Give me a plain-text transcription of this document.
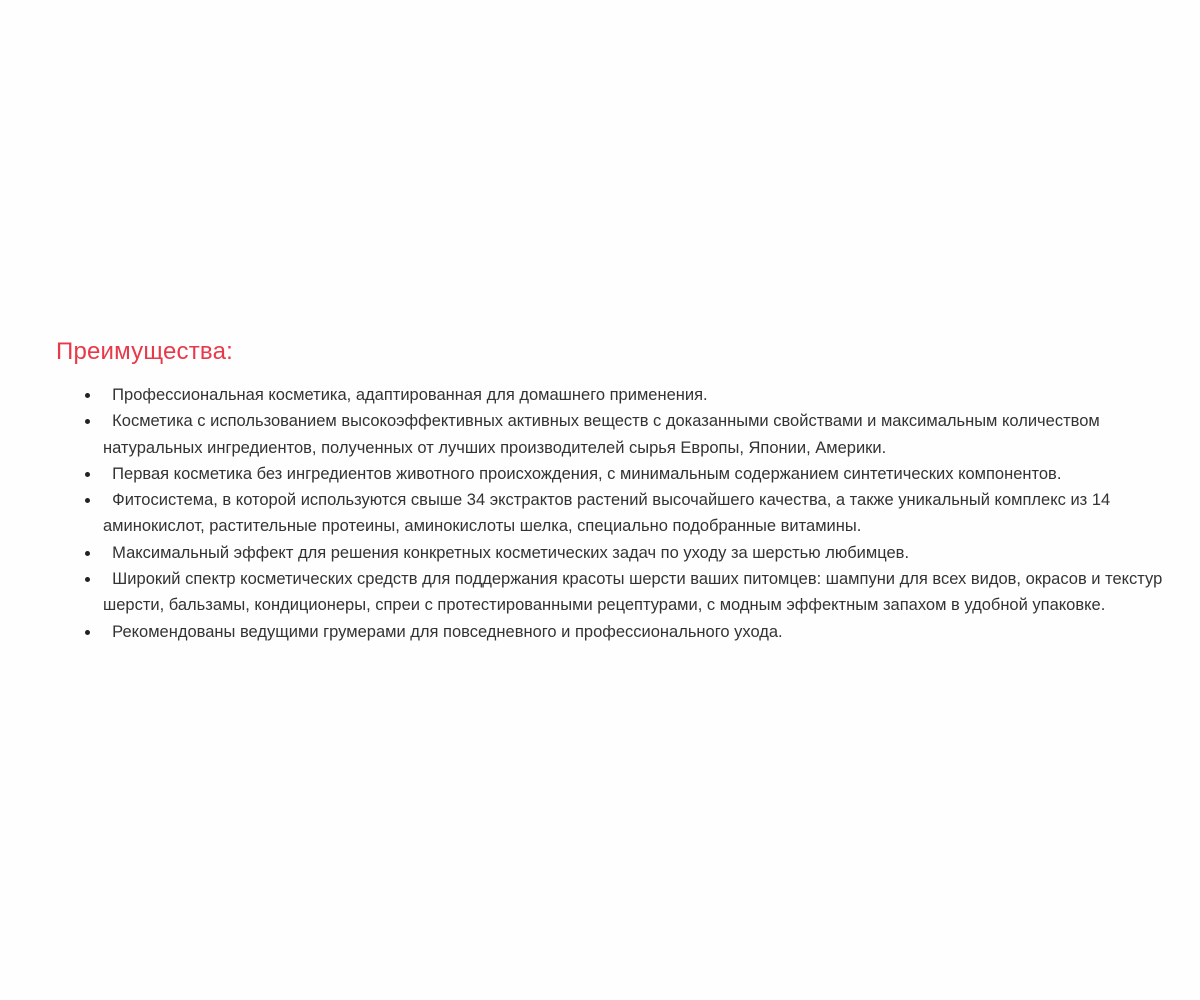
Преимущества:
Профессиональная косметика, адаптированная для домашнего применения.
Косметика с использованием высокоэффективных активных веществ с доказанными свойствами и максимальным количеством натуральных ингредиентов, полученных от лучших производителей сырья Европы, Японии, Америки.
Первая косметика без ингредиентов животного происхождения, с минимальным содержанием синтетических компонентов.
Фитосистема, в которой используются свыше 34 экстрактов растений высочайшего качества, а также уникальный комплекс из 14 аминокислот, растительные протеины, аминокислоты шелка, специально подобранные витамины.
Максимальный эффект для решения конкретных косметических задач по уходу за шерстью любимцев.
Широкий спектр косметических средств для поддержания красоты шерсти ваших питомцев: шампуни для всех видов, окрасов и текстур шерсти, бальзамы, кондиционеры, спреи с протестированными рецептурами, с модным эффектным запахом в удобной упаковке.
Рекомендованы ведущими грумерами для повседневного и профессионального ухода.
